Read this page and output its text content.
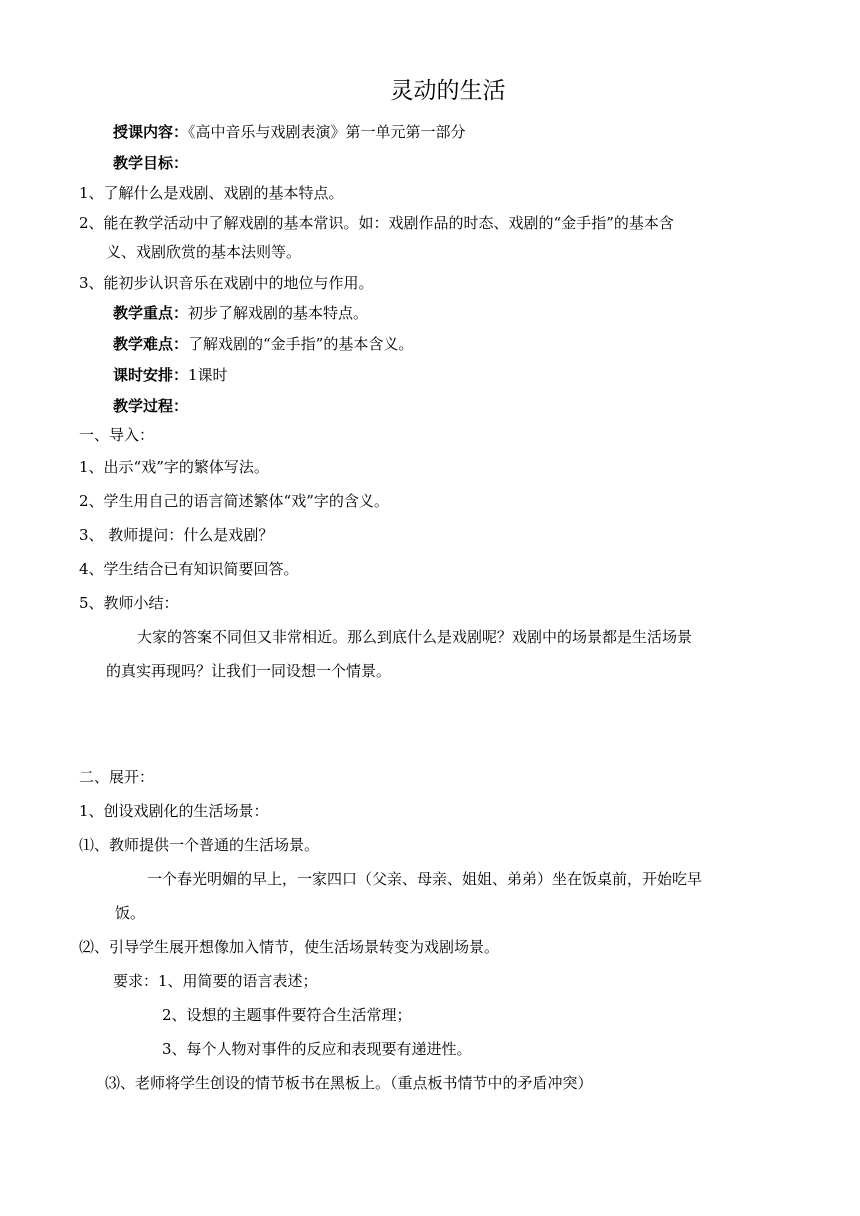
灵动的生活
授课内容：《高中音乐与戏剧表演》第一单元第一部分
教学目标：
1、了解什么是戏剧、戏剧的基本特点。
2、能在教学活动中了解戏剧的基本常识。如：戏剧作品的时态、戏剧的“金手指”的基本含
义、戏剧欣赏的基本法则等。
3、能初步认识音乐在戏剧中的地位与作用。
教学重点：初步了解戏剧的基本特点。
教学难点：了解戏剧的“金手指”的基本含义。
课时安排：1课时
教学过程：
一、导入：
1、出示“戏”字的繁体写法。
2、学生用自己的语言简述繁体“戏”字的含义。
3、 教师提问：什么是戏剧？
4、学生结合已有知识简要回答。
5、教师小结：
大家的答案不同但又非常相近。那么到底什么是戏剧呢？戏剧中的场景都是生活场景
的真实再现吗？让我们一同设想一个情景。
二、展开：
1、创设戏剧化的生活场景：
⑴、教师提供一个普通的生活场景。
一个春光明媚的早上，一家四口（父亲、母亲、姐姐、弟弟）坐在饭桌前，开始吃早
饭。
⑵、引导学生展开想像加入情节，使生活场景转变为戏剧场景。
要求：1、用简要的语言表述；
2、设想的主题事件要符合生活常理；
3、每个人物对事件的反应和表现要有递进性。
⑶、老师将学生创设的情节板书在黑板上。（重点板书情节中的矛盾冲突）
